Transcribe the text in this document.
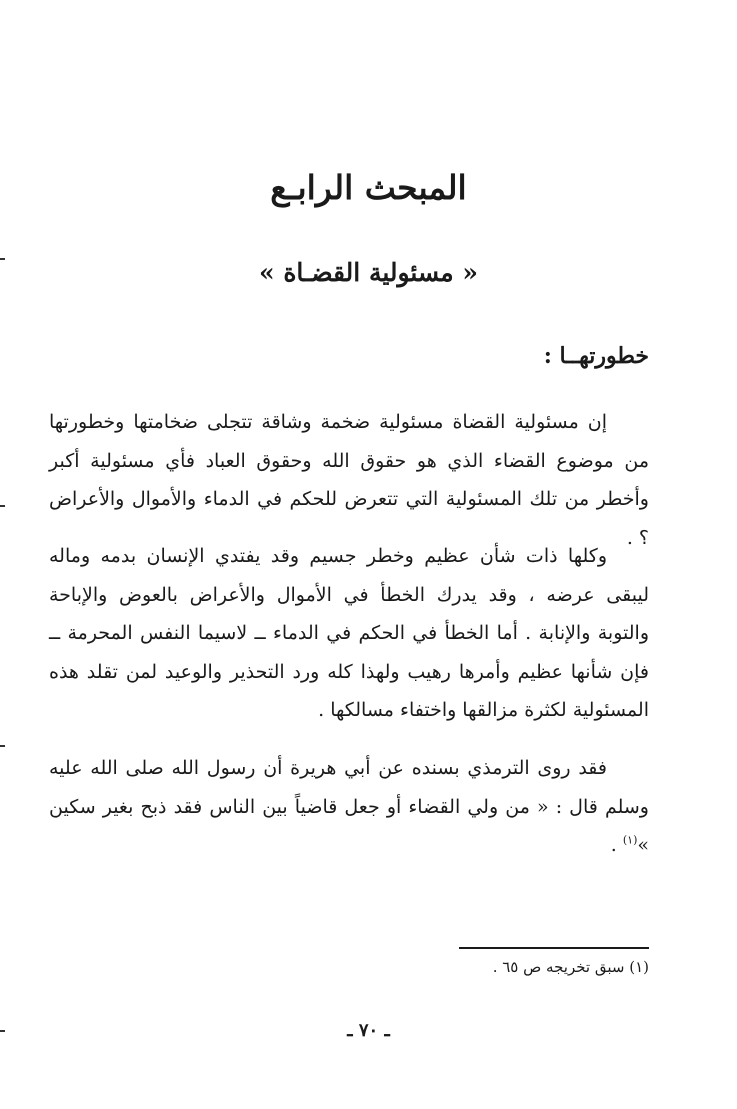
المبحث الرابـع
« مسئولية القضـاة »
خطورتهــا :
إن مسئولية القضاة مسئولية ضخمة وشاقة تتجلى ضخامتها وخطورتها من موضوع القضاء الذي هو حقوق الله وحقوق العباد فأي مسئولية أكبر وأخطر من تلك المسئولية التي تتعرض للحكم في الدماء والأموال والأعراض ؟ .
وكلها ذات شأن عظيم وخطر جسيم وقد يفتدي الإنسان بدمه وماله ليبقى عرضه ، وقد يدرك الخطأ في الأموال والأعراض بالعوض والإباحة والتوبة والإنابة . أما الخطأ في الحكم في الدماء ــ لاسيما النفس المحرمة ــ فإن شأنها عظيم وأمرها رهيب ولهذا كله ورد التحذير والوعيد لمن تقلد هذه المسئولية لكثرة مزالقها واختفاء مسالكها .
فقد روى الترمذي بسنده عن أبي هريرة أن رسول الله صلى الله عليه وسلم قال : « من ولي القضاء أو جعل قاضياً بين الناس فقد ذبح بغير سكين »$^{(١)}$ .
(١) سبق تخريجه ص ٦٥ .
ـ ٧٠ ـ
